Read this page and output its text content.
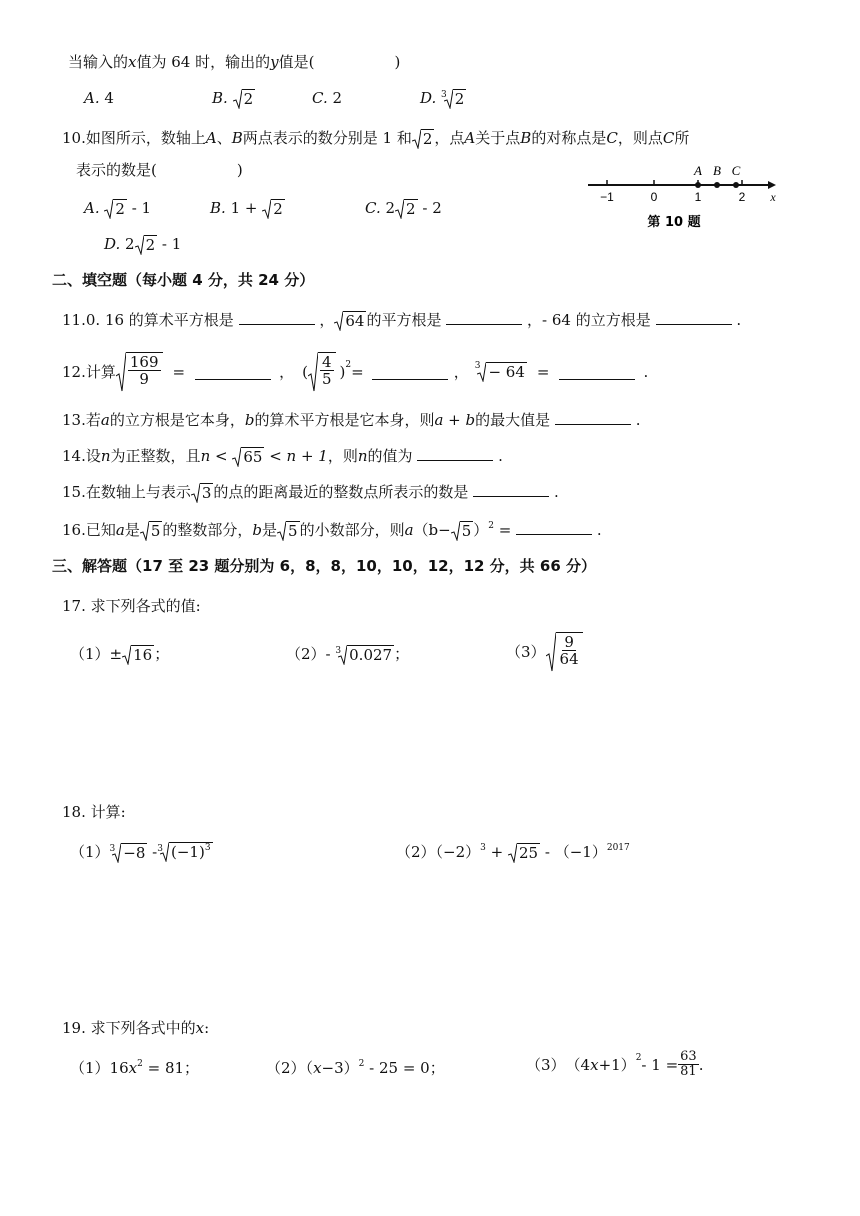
当输入的x值为 64 时，输出的y值是(	)
A. 4	B. 2	C. 2	D. $^3$ 2
10.如图所示，数轴上A、B两点表示的数分别是 1 和 2 ，点A关于点B的对称点是C，则点C所
表示的数是(	)
A. 2 - 1	B. 1 + 2	C. 2 2 - 2
D. 2 2 - 1
A B C
−1	0	1	2 x
第 10 题
二、填空题（每小题 4 分，共 24 分）
11.0. 16 的算术平方根是	， 64 的平方根是	，- 64 的立方根是	.
12. 计算 $\frac{169}{9}$ =	， ( $\frac{4}{5}$ ) 2 =	， 3 − 64 =	.
13.若a的立方根是它本身，b的算术平方根是它本身，则a + b的最大值是	.
14.设n为正整数，且n < 65 < n + 1，则n的值为	.
15.在数轴上与表示 3 的点的距离最近的整数点所表示的数是	.
16.已知a是 5 的整数部分，b是 5 的小数部分，则a（b− 5 ）$^2$ =	.
三、解答题（17 至 23 题分别为 6，8，8，10，10，12，12 分，共 66 分）
17. 求下列各式的值:
（1）± 16 ；	（2）- $^3$ 0.027 ；	$(3) \frac{9}{64}$
18. 计算:
$(1)^3 -8$ -$^3$ $(-1)^3$	$(2)(-2)^3 + 25 - (-1)^{2017}$
19. 求下列各式中的x:
$(1)16x^2 = 81$；	$(2)(x-3)^2 - 25 = 0$；	（3） （4 x +1） $2 - 1 = \frac{63}{81}$ .
